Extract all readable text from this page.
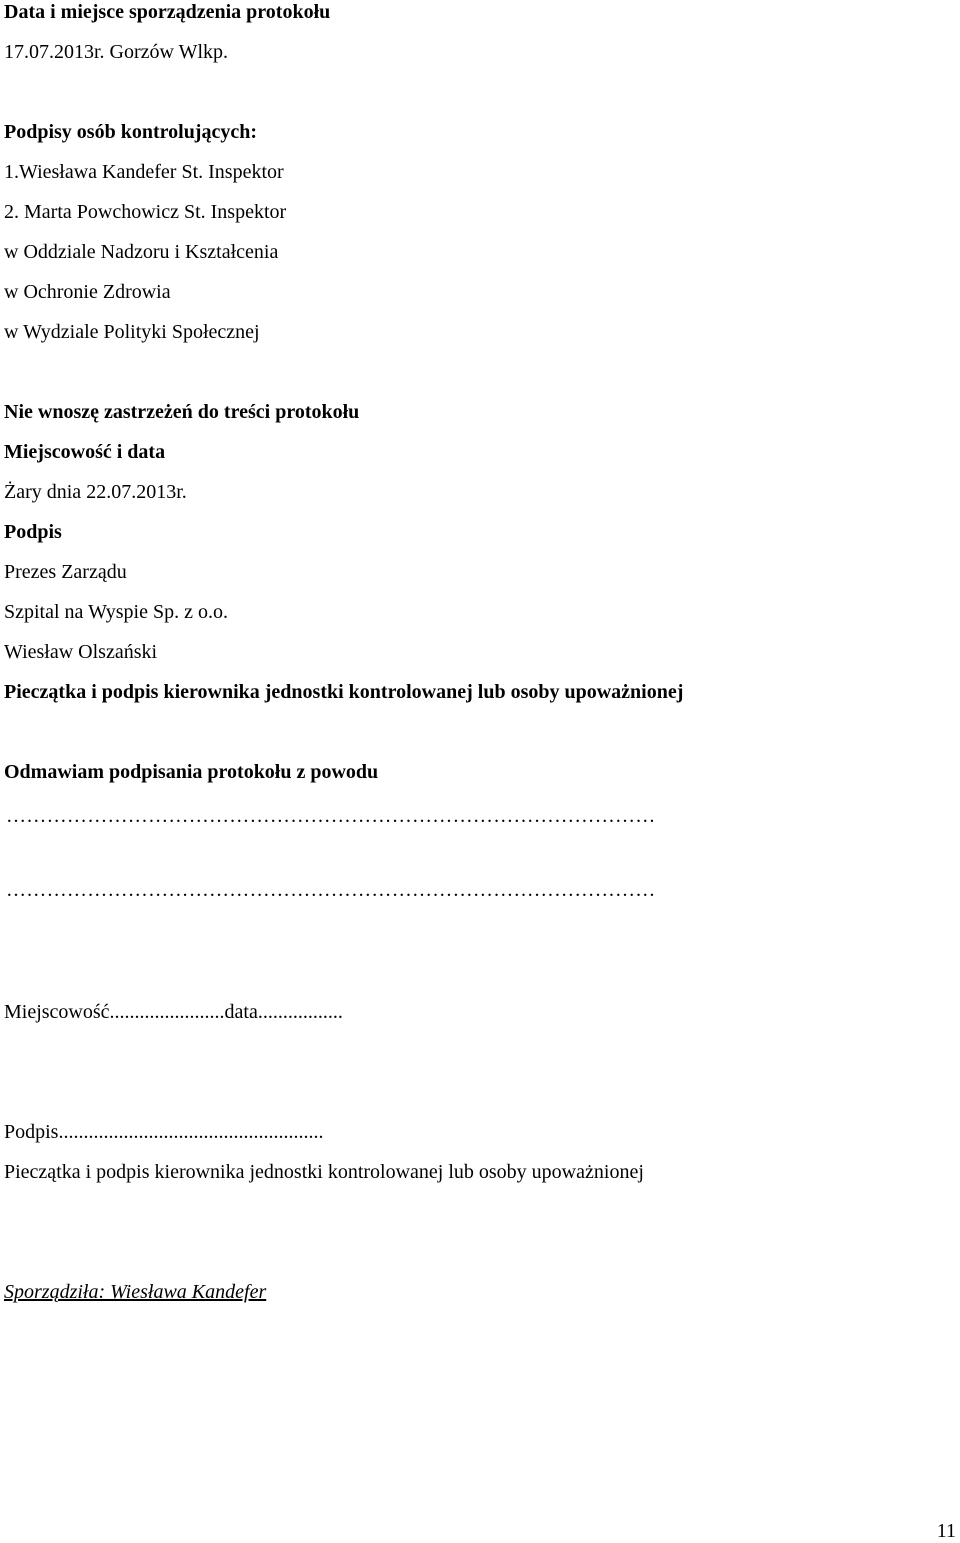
Data i miejsce sporządzenia protokołu
17.07.2013r. Gorzów Wlkp.
Podpisy osób kontrolujących:
1.Wiesława Kandefer St. Inspektor
2. Marta Powchowicz St. Inspektor
w Oddziale Nadzoru i Kształcenia
w Ochronie Zdrowia
w Wydziale Polityki Społecznej
Nie wnoszę zastrzeżeń do treści protokołu
Miejscowość i data
Żary dnia 22.07.2013r.
Podpis
Prezes Zarządu
Szpital na Wyspie Sp. z o.o.
Wiesław Olszański
Pieczątka i podpis kierownika jednostki kontrolowanej lub osoby upoważnionej
Odmawiam podpisania protokołu z powodu
……………………………………………………………………………………
……………………………………………………………………………………
Miejscowość.......................data.................
Podpis.....................................................
Pieczątka i podpis kierownika jednostki kontrolowanej lub osoby upoważnionej
Sporządziła: Wiesława Kandefer
11
